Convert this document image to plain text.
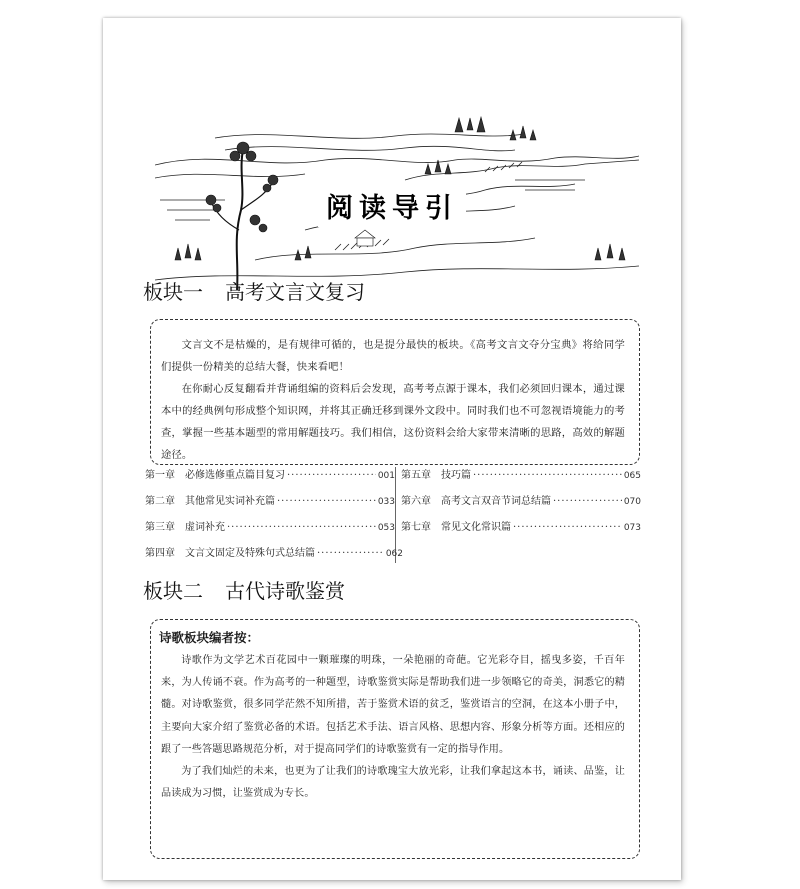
阅读导引
板块一 高考文言文复习

文言文不是枯燥的，是有规律可循的，也是提分最快的板块。《高考文言文夺分宝典》将给同学们提供一份精美的总结大餐，快来看吧！

在你耐心反复翻看并背诵组编的资料后会发现，高考考点源于课本，我们必须回归课本，通过课本中的经典例句形成整个知识网，并将其正确迁移到课外文段中。同时我们也不可忽视语境能力的考查，掌握一些基本题型的常用解题技巧。我们相信，这份资料会给大家带来清晰的思路，高效的解题途径。

第一章	必修选修重点篇目复习 ·····	001
第二章	其他常见实词补充篇 ·····	033
第三章	虚词补充 ·····	053
第四章	文言文固定及特殊句式总结篇 ·····	062
第五章	技巧篇 ·····	065
第六章	高考文言双音节词总结篇 ·····	070
第七章	常见文化常识篇 ·····	073
板块二 古代诗歌鉴赏
诗歌板块编者按：

诗歌作为文学艺术百花园中一颗璀璨的明珠，一朵艳丽的奇葩。它光彩夺目，摇曳多姿，千百年来，为人传诵不衰。作为高考的一种题型，诗歌鉴赏实际是帮助我们进一步领略它的奇美，洞悉它的精髓。对诗歌鉴赏，很多同学茫然不知所措，苦于鉴赏术语的贫乏，鉴赏语言的空洞，在这本小册子中，主要向大家介绍了鉴赏必备的术语。包括艺术手法、语言风格、思想内容、形象分析等方面。还相应的跟了一些答题思路规范分析，对于提高同学们的诗歌鉴赏有一定的指导作用。

为了我们灿烂的未来，也更为了让我们的诗歌瑰宝大放光彩，让我们拿起这本书，诵读、品鉴，让品读成为习惯，让鉴赏成为专长。
